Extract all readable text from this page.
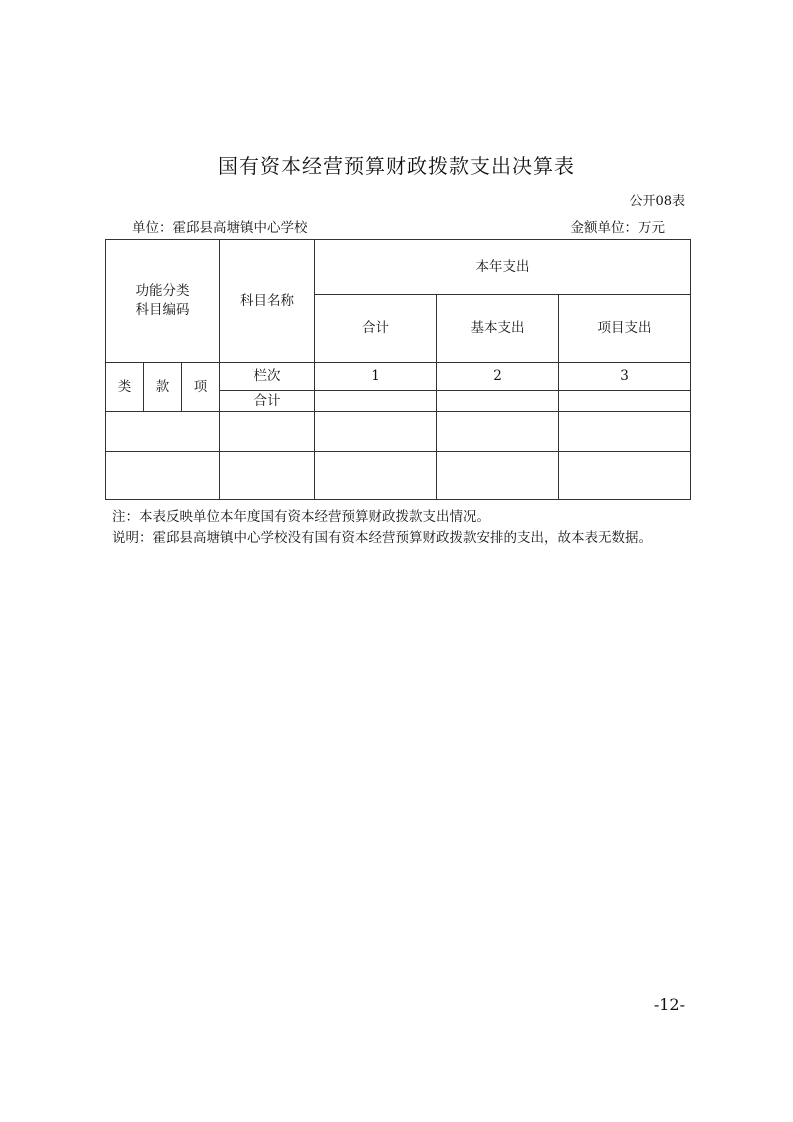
国有资本经营预算财政拨款支出决算表
公开08表
单位：霍邱县高塘镇中心学校	金额单位：万元
功能分类
科目编码			科目名称	本年支出		
				合计	基本支出	项目支出
类	款	项	栏次	1	2	3
			合计			

注：本表反映单位本年度国有资本经营预算财政拨款支出情况。
说明：霍邱县高塘镇中心学校没有国有资本经营预算财政拨款安排的支出，故本表无数据。
-12-
